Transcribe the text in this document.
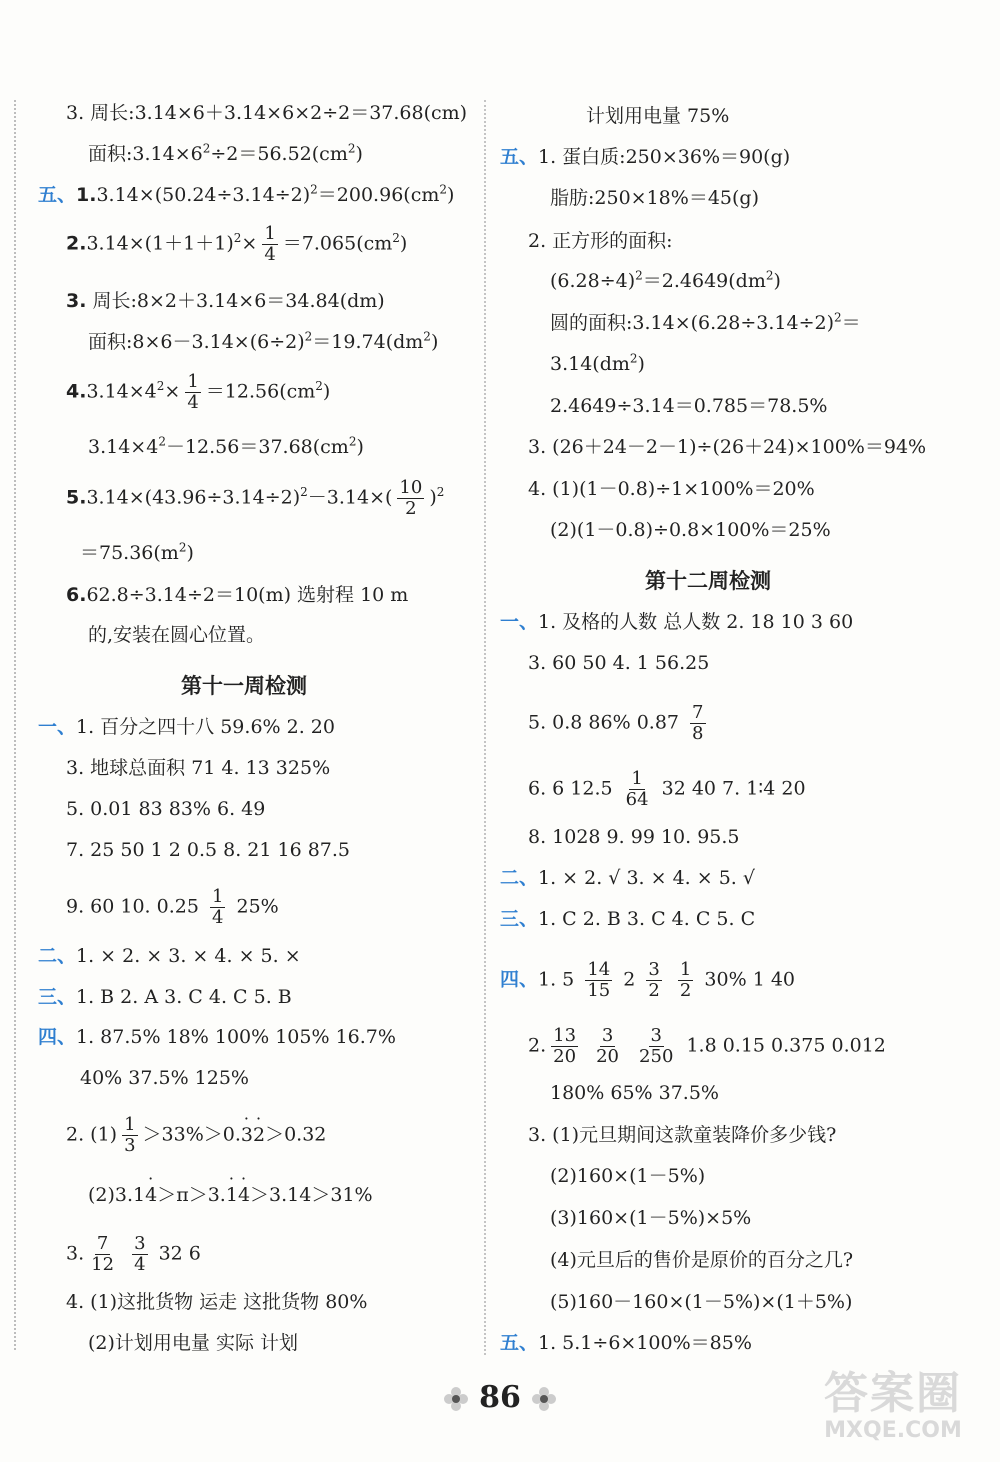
3. 周长:3.14×6＋3.14×6×2÷2＝37.68(cm)
面积$:3.14\times 6^2\div 2=56.52(cm^2)$
五、$1.3.14\times(50.24\div 3.14\div 2)^2=200.96(cm^2)$
$2.3.14\times(1+1+1)^2\times \frac{1}{4} =7.065(cm^2)$
3. 周长:8×2＋3.14×6＝34.84(dm)
面积$:8\times 6-3.14\times(6\div 2)^2=19.74(dm^2)$
$4.3.14\times 4^2\times \frac{1}{4} =12.56(cm^2)$
$3.14\times 4^2-12.56=37.68(cm^2)$
$5.3.14\times(43.96\div 3.14\div 2)^2-3.14\times( \frac{10}{2} )^2$
$=75.36(m^2)$
6.62.8÷3.14÷2＝10(m) 选射程 10 m
的,安装在圆心位置。
第十一周检测
一、1. 百分之四十八 59.6% 2. 20
3. 地球总面积 71 4. 13 325%
5. 0.01 83 83% 6. 49
7. 25 50 1 2 0.5 8. 21 16 87.5
9. 60 10. $0.25 \frac{1}{4} 25\%$
二、1. × 2. × 3. × 4. × 5. ×
三、1. B 2. A 3. C 4. C 5. B
四、1. 87.5% 18% 100% 105% 16.7%
40% 37.5% 125%
2. $(1) \frac{1}{3} >33\%>0.\cdot 3\cdot 2>0.32$
(2)3.1· 4＞π＞3.· 1· 4＞3.14＞31%
3. $\frac{7}{12}$
$\frac{3}{4} 32$ 6
4. (1)这批货物 运走 这批货物 80%
(2)计划用电量 实际 计划
计划用电量 75%
五、1. 蛋白质:250×36%＝90(g)
脂肪:250×18%＝45(g)
2. 正方形的面积:
$(6.28\div 4)^2=2.4649(dm^2)$
圆的面积$:3.14\times(6.28\div 3.14\div 2)^2=$
$3.14(dm^2)$
2.4649÷3.14＝0.785＝78.5%
3. (26＋24－2－1)÷(26＋24)×100%＝94%
4. (1)(1－0.8)÷1×100%＝20%
(2)(1－0.8)÷0.8×100%＝25%
第十二周检测
一、1. 及格的人数 总人数 2. 18 10 3 60
3. 60 50 4. 1 56.25
5. 0.8 86% $0.87 \frac{7}{8}$
6. 6 $12.5 \frac{1}{64} 32$ 40 7. 1∶4 20
8. 1028 9. 99 10. 95.5
二、1. × 2. √ 3. × 4. × 5. √
三、1. C 2. B 3. C 4. C 5. C
四、1. $5 \frac{14}{15} 2 \frac{3}{2}$
$\frac{1}{2} 30\%$ 1 40
2. $\frac{13}{20}$
$\frac{3}{20}$
$\frac{3}{250} 1.8$ 0.15 0.375 0.012
180% 65% 37.5%
3. (1)元旦期间这款童装降价多少钱?
(2)160×(1－5%)
(3)160×(1－5%)×5%
(4)元旦后的售价是原价的百分之几?
(5)160－160×(1－5%)×(1＋5%)
五、1. 5.1÷6×100%＝85%
86	答案圈
MXQE.COM
